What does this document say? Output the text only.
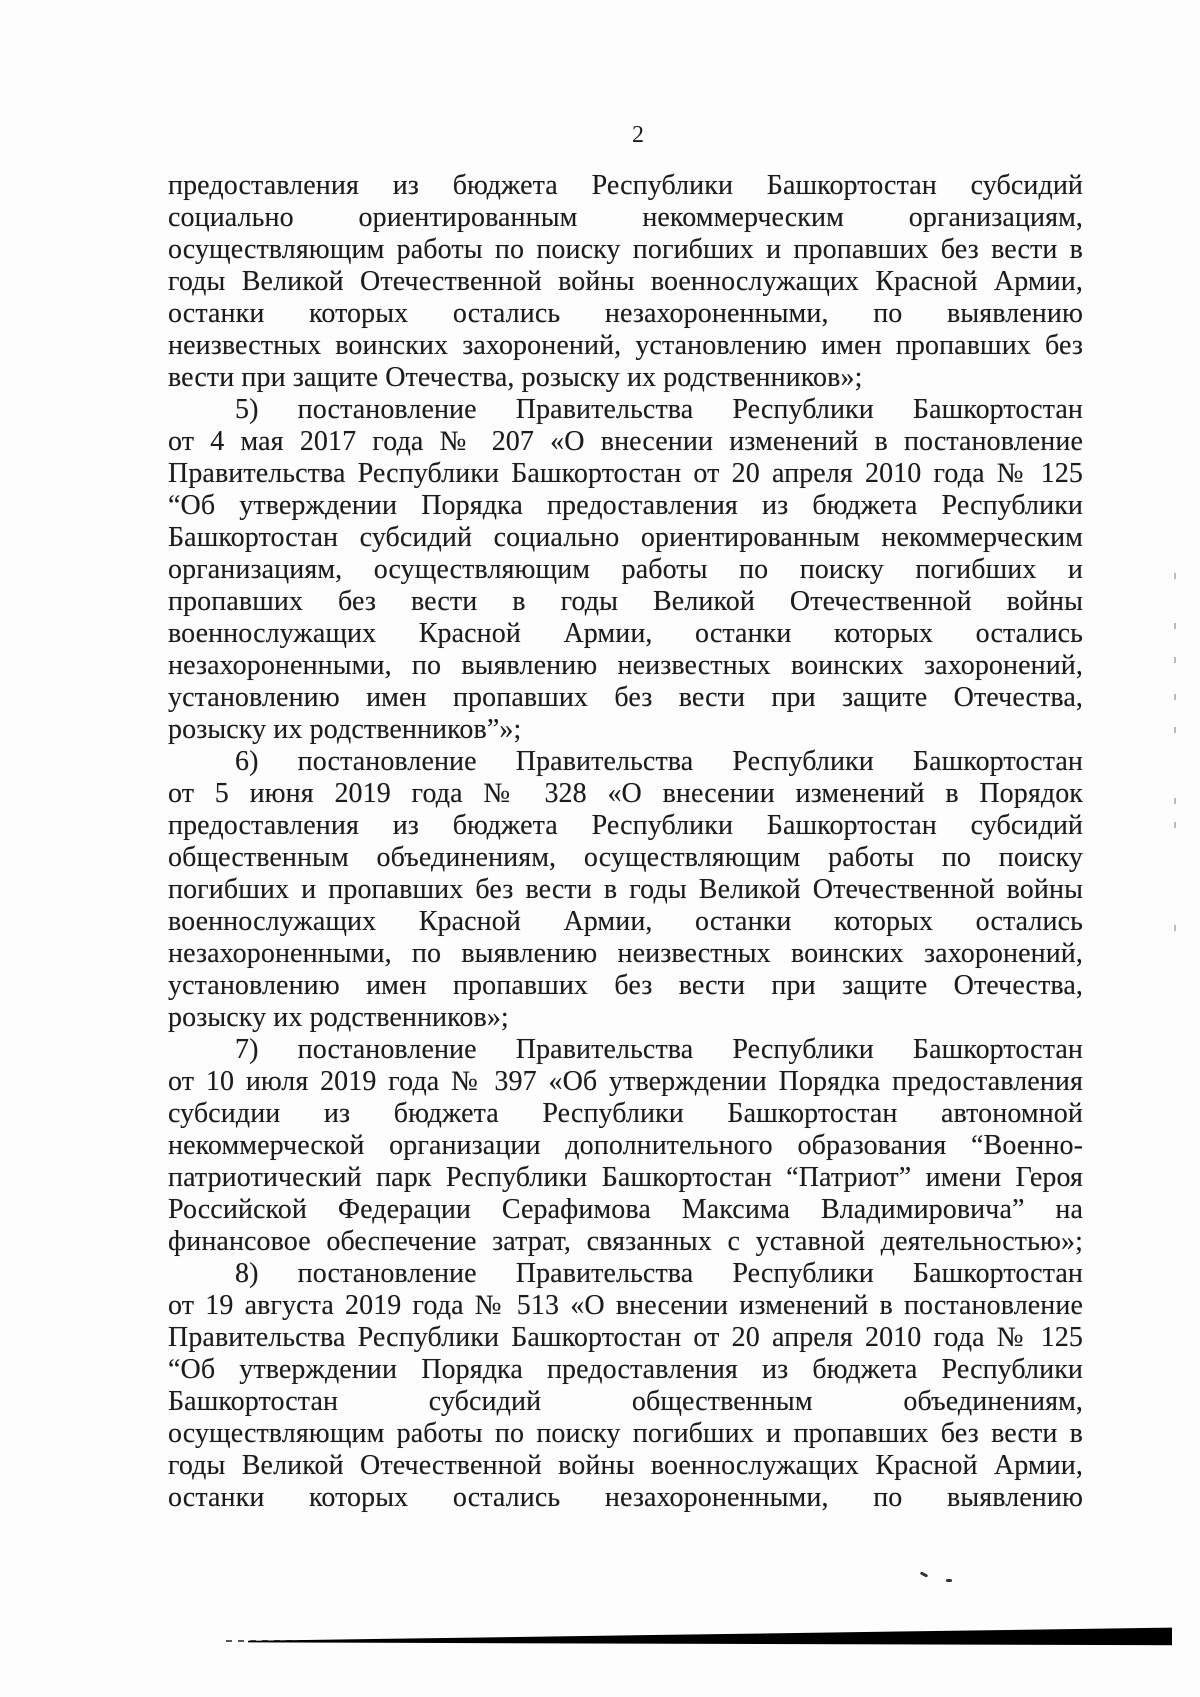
2
предоставления из бюджета Республики Башкортостан субсидий
социально ориентированным некоммерческим организациям,
осуществляющим работы по поиску погибших и пропавших без вести в
годы Великой Отечественной войны военнослужащих Красной Армии,
останки которых остались незахороненными, по выявлению
неизвестных воинских захоронений, установлению имен пропавших без
вести при защите Отечества, розыску их родственников»;
5) постановление Правительства Республики Башкортостан
от 4 мая 2017 года № 207 «О внесении изменений в постановление
Правительства Республики Башкортостан от 20 апреля 2010 года № 125
“Об утверждении Порядка предоставления из бюджета Республики
Башкортостан субсидий социально ориентированным некоммерческим
организациям, осуществляющим работы по поиску погибших и
пропавших без вести в годы Великой Отечественной войны
военнослужащих Красной Армии, останки которых остались
незахороненными, по выявлению неизвестных воинских захоронений,
установлению имен пропавших без вести при защите Отечества,
розыску их родственников”»;
6) постановление Правительства Республики Башкортостан
от 5 июня 2019 года № 328 «О внесении изменений в Порядок
предоставления из бюджета Республики Башкортостан субсидий
общественным объединениям, осуществляющим работы по поиску
погибших и пропавших без вести в годы Великой Отечественной войны
военнослужащих Красной Армии, останки которых остались
незахороненными, по выявлению неизвестных воинских захоронений,
установлению имен пропавших без вести при защите Отечества,
розыску их родственников»;
7) постановление Правительства Республики Башкортостан
от 10 июля 2019 года № 397 «Об утверждении Порядка предоставления
субсидии из бюджета Республики Башкортостан автономной
некоммерческой организации дополнительного образования “Военно-
патриотический парк Республики Башкортостан “Патриот” имени Героя
Российской Федерации Серафимова Максима Владимировича” на
финансовое обеспечение затрат, связанных с уставной деятельностью»;
8) постановление Правительства Республики Башкортостан
от 19 августа 2019 года № 513 «О внесении изменений в постановление
Правительства Республики Башкортостан от 20 апреля 2010 года № 125
“Об утверждении Порядка предоставления из бюджета Республики
Башкортостан субсидий общественным объединениям,
осуществляющим работы по поиску погибших и пропавших без вести в
годы Великой Отечественной войны военнослужащих Красной Армии,
останки которых остались незахороненными, по выявлению
